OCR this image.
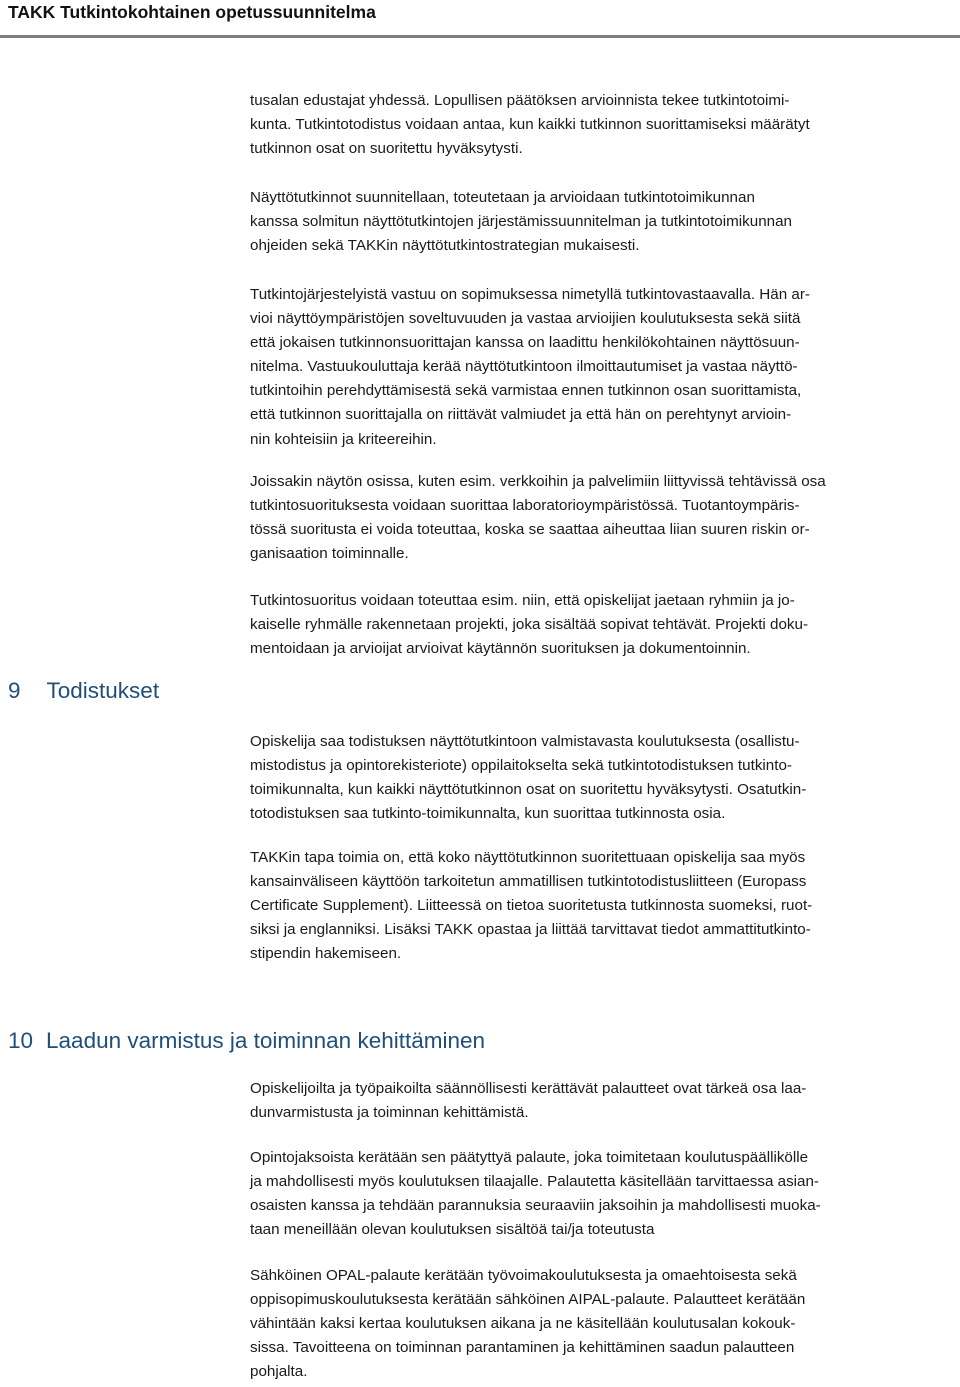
TAKK Tutkintokohtainen opetussuunnitelma

tusalan edustajat yhdessä. Lopullisen päätöksen arvioinnista tekee tutkintotoimi-
kunta. Tutkintotodistus voidaan antaa, kun kaikki tutkinnon suorittamiseksi määrätyt
tutkinnon osat on suoritettu hyväksytysti.

Näyttötutkinnot suunnitellaan, toteutetaan ja arvioidaan tutkintotoimikunnan
kanssa solmitun näyttötutkintojen järjestämissuunnitelman ja tutkintotoimikunnan
ohjeiden sekä TAKKin näyttötutkintostrategian mukaisesti.

Tutkintojärjestelyistä vastuu on sopimuksessa nimetyllä tutkintovastaavalla. Hän ar-
vioi näyttöympäristöjen soveltuvuuden ja vastaa arvioijien koulutuksesta sekä siitä
että jokaisen tutkinnonsuorittajan kanssa on laadittu henkilökohtainen näyttösuun-
nitelma. Vastuukouluttaja kerää näyttötutkintoon ilmoittautumiset ja vastaa näyttö-
tutkintoihin perehdyttämisestä sekä varmistaa ennen tutkinnon osan suorittamista,
että tutkinnon suorittajalla on riittävät valmiudet ja että hän on perehtynyt arvioin-
nin kohteisiin ja kriteereihin.

Joissakin näytön osissa, kuten esim. verkkoihin ja palvelimiin liittyvissä tehtävissä osa
tutkintosuorituksesta voidaan suorittaa laboratorioympäristössä. Tuotantoympäris-
tössä suoritusta ei voida toteuttaa, koska se saattaa aiheuttaa liian suuren riskin or-
ganisaation toiminnalle.

Tutkintosuoritus voidaan toteuttaa esim. niin, että opiskelijat jaetaan ryhmiin ja jo-
kaiselle ryhmälle rakennetaan projekti, joka sisältää sopivat tehtävät. Projekti doku-
mentoidaan ja arvioijat arvioivat käytännön suorituksen ja dokumentoinnin.

9 Todistukset

Opiskelija saa todistuksen näyttötutkintoon valmistavasta koulutuksesta (osallistu-
mistodistus ja opintorekisteriote) oppilaitokselta sekä tutkintotodistuksen tutkinto-
toimikunnalta, kun kaikki näyttötutkinnon osat on suoritettu hyväksytysti. Osatutkin-
totodistuksen saa tutkinto-toimikunnalta, kun suorittaa tutkinnosta osia.

TAKKin tapa toimia on, että koko näyttötutkinnon suoritettuaan opiskelija saa myös
kansainväliseen käyttöön tarkoitetun ammatillisen tutkintotodistusliitteen (Europass
Certificate Supplement). Liitteessä on tietoa suoritetusta tutkinnosta suomeksi, ruot-
siksi ja englanniksi. Lisäksi TAKK opastaa ja liittää tarvittavat tiedot ammattitutkinto-
stipendin hakemiseen.

10 Laadun varmistus ja toiminnan kehittäminen

Opiskelijoilta ja työpaikoilta säännöllisesti kerättävät palautteet ovat tärkeä osa laa-
dunvarmistusta ja toiminnan kehittämistä.

Opintojaksoista kerätään sen päätyttyä palaute, joka toimitetaan koulutuspäällikölle
ja mahdollisesti myös koulutuksen tilaajalle. Palautetta käsitellään tarvittaessa asian-
osaisten kanssa ja tehdään parannuksia seuraaviin jaksoihin ja mahdollisesti muoka-
taan meneillään olevan koulutuksen sisältöä tai/ja toteutusta

Sähköinen OPAL-palaute kerätään työvoimakoulutuksesta ja omaehtoisesta sekä
oppisopimuskoulutuksesta kerätään sähköinen AIPAL-palaute. Palautteet kerätään
vähintään kaksi kertaa koulutuksen aikana ja ne käsitellään koulutusalan kokouk-
sissa. Tavoitteena on toiminnan parantaminen ja kehittäminen saadun palautteen
pohjalta.
